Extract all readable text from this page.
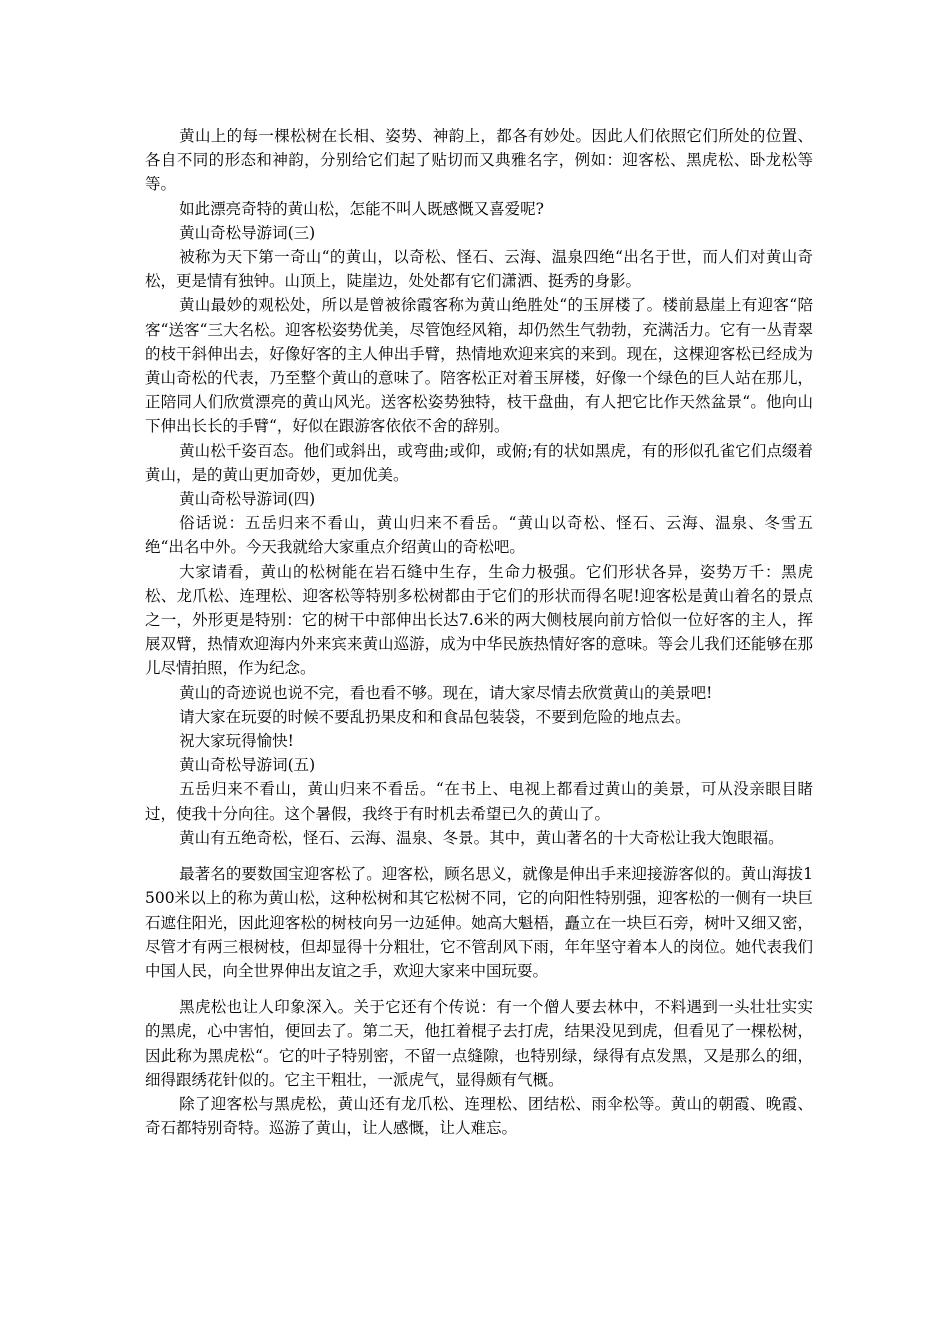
黄山上的每一棵松树在长相、姿势、神韵上，都各有妙处。因此人们依照它们所处的位置、各自不同的形态和神韵，分别给它们起了贴切而又典雅名字，例如：迎客松、黑虎松、卧龙松等等。

如此漂亮奇特的黄山松，怎能不叫人既感慨又喜爱呢?

黄山奇松导游词(三)

被称为天下第一奇山“的黄山，以奇松、怪石、云海、温泉四绝“出名于世，而人们对黄山奇松，更是情有独钟。山顶上，陡崖边，处处都有它们潇洒、挺秀的身影。

黄山最妙的观松处，所以是曾被徐霞客称为黄山绝胜处“的玉屏楼了。楼前悬崖上有迎客“陪客“送客“三大名松。迎客松姿势优美，尽管饱经风箱，却仍然生气勃勃，充满活力。它有一丛青翠的枝干斜伸出去，好像好客的主人伸出手臂，热情地欢迎来宾的来到。现在，这棵迎客松已经成为黄山奇松的代表，乃至整个黄山的意味了。陪客松正对着玉屏楼，好像一个绿色的巨人站在那儿，正陪同人们欣赏漂亮的黄山风光。送客松姿势独特，枝干盘曲，有人把它比作天然盆景“。他向山下伸出长长的手臂“，好似在跟游客依依不舍的辞别。

黄山松千姿百态。他们或斜出，或弯曲;或仰，或俯;有的状如黑虎，有的形似孔雀它们点缀着黄山，是的黄山更加奇妙，更加优美。

黄山奇松导游词(四)

俗话说：五岳归来不看山，黄山归来不看岳。“黄山以奇松、怪石、云海、温泉、冬雪五绝“出名中外。今天我就给大家重点介绍黄山的奇松吧。

大家请看，黄山的松树能在岩石缝中生存，生命力极强。它们形状各异，姿势万千：黑虎松、龙爪松、连理松、迎客松等特别多松树都由于它们的形状而得名呢!迎客松是黄山着名的景点之一，外形更是特别：它的树干中部伸出长达7.6米的两大侧枝展向前方恰似一位好客的主人，挥展双臂，热情欢迎海内外来宾来黄山巡游，成为中华民族热情好客的意味。等会儿我们还能够在那儿尽情拍照，作为纪念。

黄山的奇迹说也说不完，看也看不够。现在，请大家尽情去欣赏黄山的美景吧!

请大家在玩耍的时候不要乱扔果皮和和食品包装袋，不要到危险的地点去。

祝大家玩得愉快!

黄山奇松导游词(五)

五岳归来不看山，黄山归来不看岳。“在书上、电视上都看过黄山的美景，可从没亲眼目睹过，使我十分向往。这个暑假，我终于有时机去希望已久的黄山了。

黄山有五绝奇松，怪石、云海、温泉、冬景。其中，黄山著名的十大奇松让我大饱眼福。

最著名的要数国宝迎客松了。迎客松，顾名思义，就像是伸出手来迎接游客似的。黄山海拔1500米以上的称为黄山松，这种松树和其它松树不同，它的向阳性特别强，迎客松的一侧有一块巨石遮住阳光，因此迎客松的树枝向另一边延伸。她高大魁梧，矗立在一块巨石旁，树叶又细又密，尽管才有两三根树枝，但却显得十分粗壮，它不管刮风下雨，年年坚守着本人的岗位。她代表我们中国人民，向全世界伸出友谊之手，欢迎大家来中国玩耍。

黑虎松也让人印象深入。关于它还有个传说：有一个僧人要去林中，不料遇到一头壮壮实实的黑虎，心中害怕，便回去了。第二天，他扛着棍子去打虎，结果没见到虎，但看见了一棵松树，因此称为黑虎松“。它的叶子特别密，不留一点缝隙，也特别绿，绿得有点发黑，又是那么的细，细得跟绣花针似的。它主干粗壮，一派虎气，显得颇有气概。

除了迎客松与黑虎松，黄山还有龙爪松、连理松、团结松、雨伞松等。黄山的朝霞、晚霞、奇石都特别奇特。巡游了黄山，让人感慨，让人难忘。
